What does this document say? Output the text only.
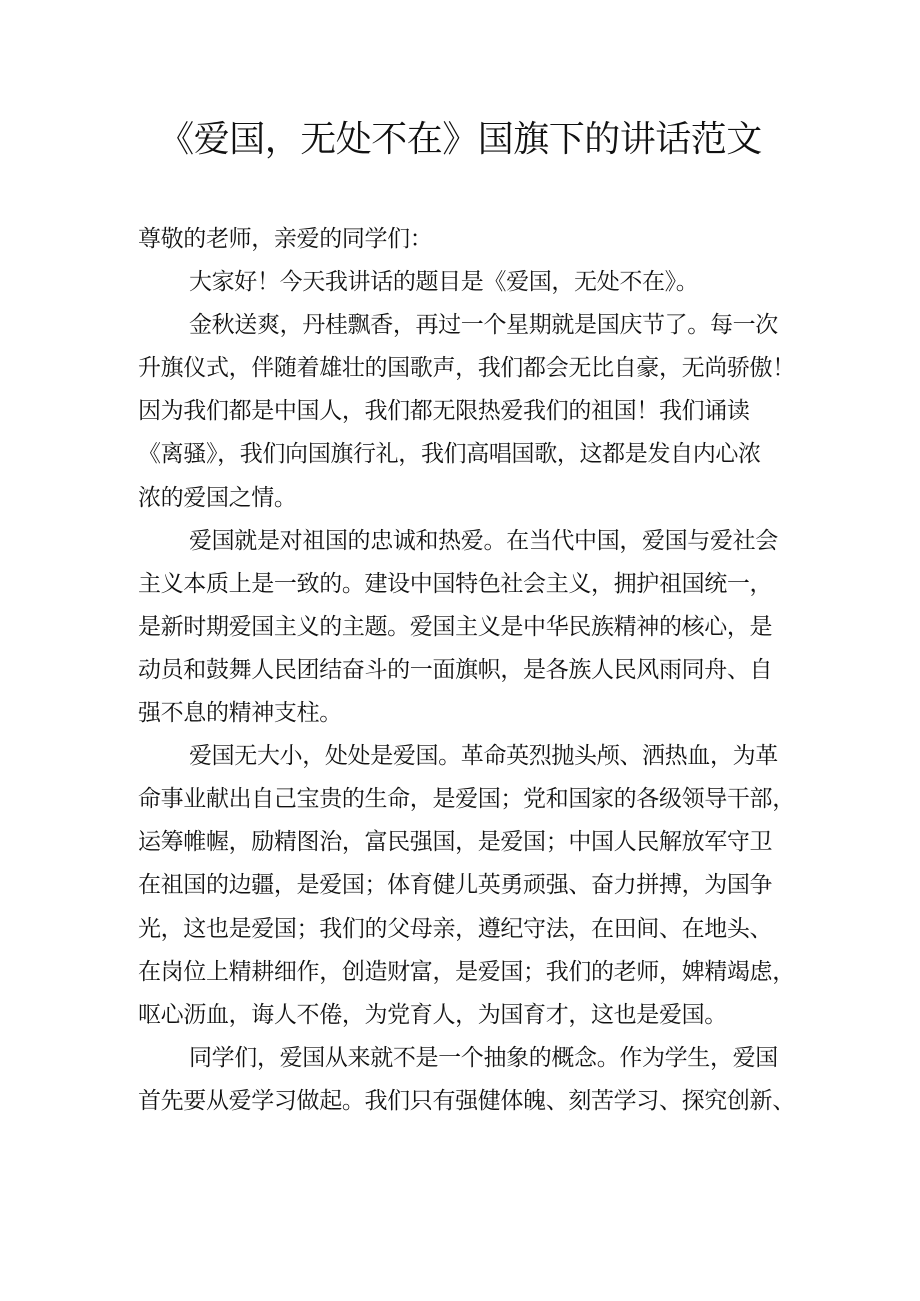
《爱国，无处不在》国旗下的讲话范文
尊敬的老师，亲爱的同学们：
大家好！今天我讲话的题目是《爱国，无处不在》。
金秋送爽，丹桂飘香，再过一个星期就是国庆节了。每一次
升旗仪式，伴随着雄壮的国歌声，我们都会无比自豪，无尚骄傲！
因为我们都是中国人，我们都无限热爱我们的祖国！我们诵读
《离骚》，我们向国旗行礼，我们高唱国歌，这都是发自内心浓
浓的爱国之情。
爱国就是对祖国的忠诚和热爱。在当代中国，爱国与爱社会
主义本质上是一致的。建设中国特色社会主义，拥护祖国统一，
是新时期爱国主义的主题。爱国主义是中华民族精神的核心，是
动员和鼓舞人民团结奋斗的一面旗帜，是各族人民风雨同舟、自
强不息的精神支柱。
爱国无大小，处处是爱国。革命英烈抛头颅、洒热血，为革
命事业献出自己宝贵的生命，是爱国；党和国家的各级领导干部，
运筹帷幄，励精图治，富民强国，是爱国；中国人民解放军守卫
在祖国的边疆，是爱国；体育健儿英勇顽强、奋力拼搏，为国争
光，这也是爱国；我们的父母亲，遵纪守法，在田间、在地头、
在岗位上精耕细作，创造财富，是爱国；我们的老师，婢精竭虑，
呕心沥血，诲人不倦，为党育人，为国育才，这也是爱国。
同学们，爱国从来就不是一个抽象的概念。作为学生，爱国
首先要从爱学习做起。我们只有强健体魄、刻苦学习、探究创新、
